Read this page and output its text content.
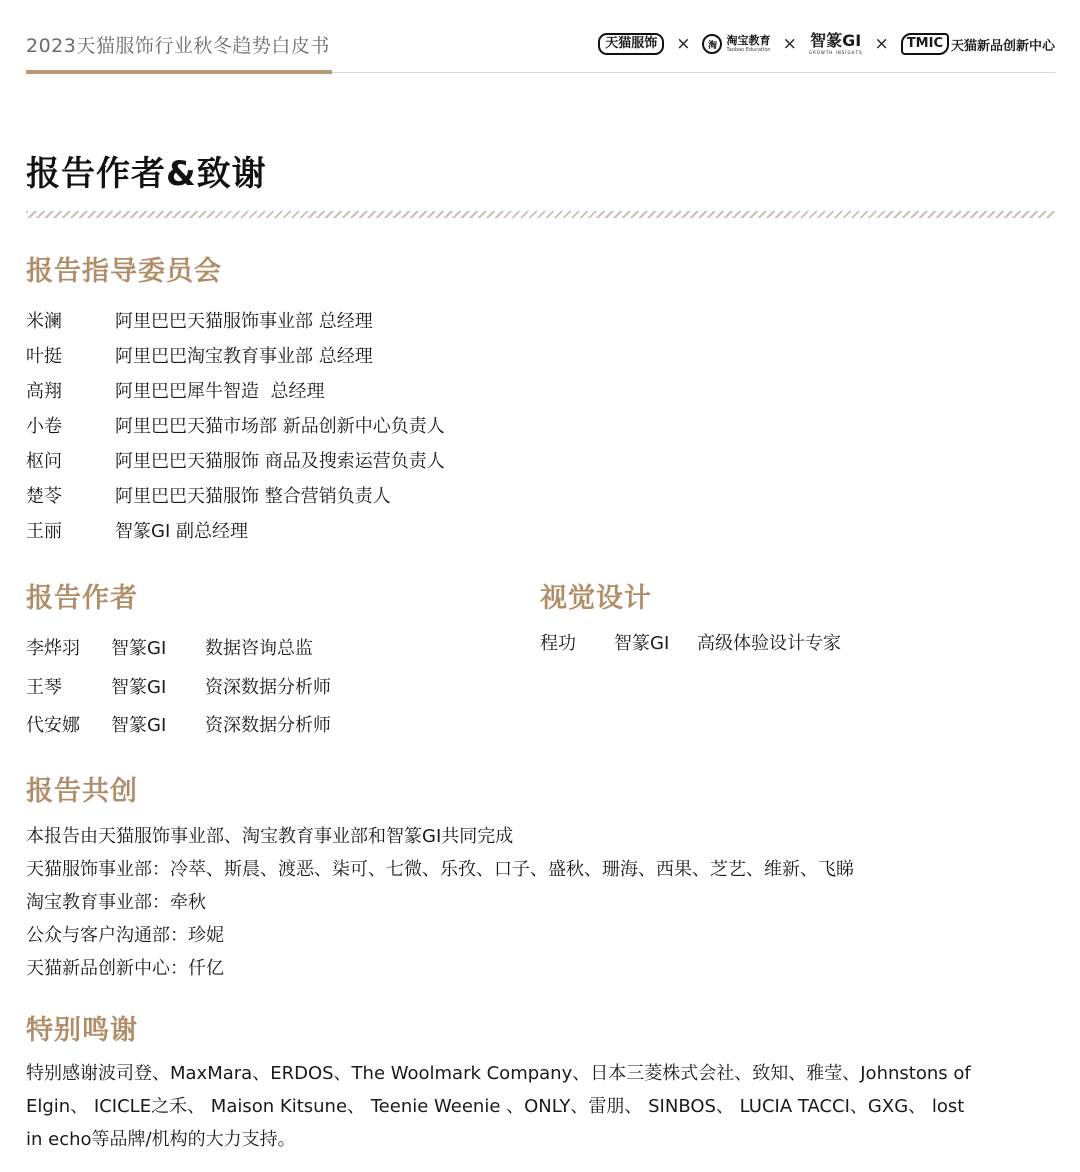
2023天猫服饰行业秋冬趋势白皮书	天猫服饰	×	淘 淘宝教育
Taobao Education × 智篆GI
GROWTH INSIGHTS ×	TMIC 天猫新品创新中心
报告作者&致谢
报告指导委员会
米澜	阿里巴巴天猫服饰事业部 总经理
叶挺	阿里巴巴淘宝教育事业部 总经理
高翔	阿里巴巴犀牛智造  总经理
小卷	阿里巴巴天猫市场部 新品创新中心负责人
枢问	阿里巴巴天猫服饰 商品及搜索运营负责人
楚苓	阿里巴巴天猫服饰 整合营销负责人
王丽	智篆GI 副总经理
报告作者
李烨羽 智篆GI 数据咨询总监
王琴	智篆GI 资深数据分析师
代安娜 智篆GI 资深数据分析师
视觉设计
程功 智篆GI 高级体验设计专家
报告共创
本报告由天猫服饰事业部、淘宝教育事业部和智篆GI共同完成
天猫服饰事业部：冷萃、斯晨、渡恶、柒可、七微、乐孜、口子、盛秋、珊海、西果、芝艺、维新、飞睇
淘宝教育事业部：牵秋
公众与客户沟通部：珍妮
天猫新品创新中心：仟亿
特别鸣谢
特别感谢波司登、MaxMara、ERDOS、The Woolmark Company、日本三菱株式会社、致知、雅莹、Johnstons of Elgin、 ICICLE之禾、 Maison Kitsune、 Teenie Weenie 、ONLY、雷朋、 SINBOS、 LUCIA TACCI、GXG、 lost in echo等品牌/机构的大力支持。
